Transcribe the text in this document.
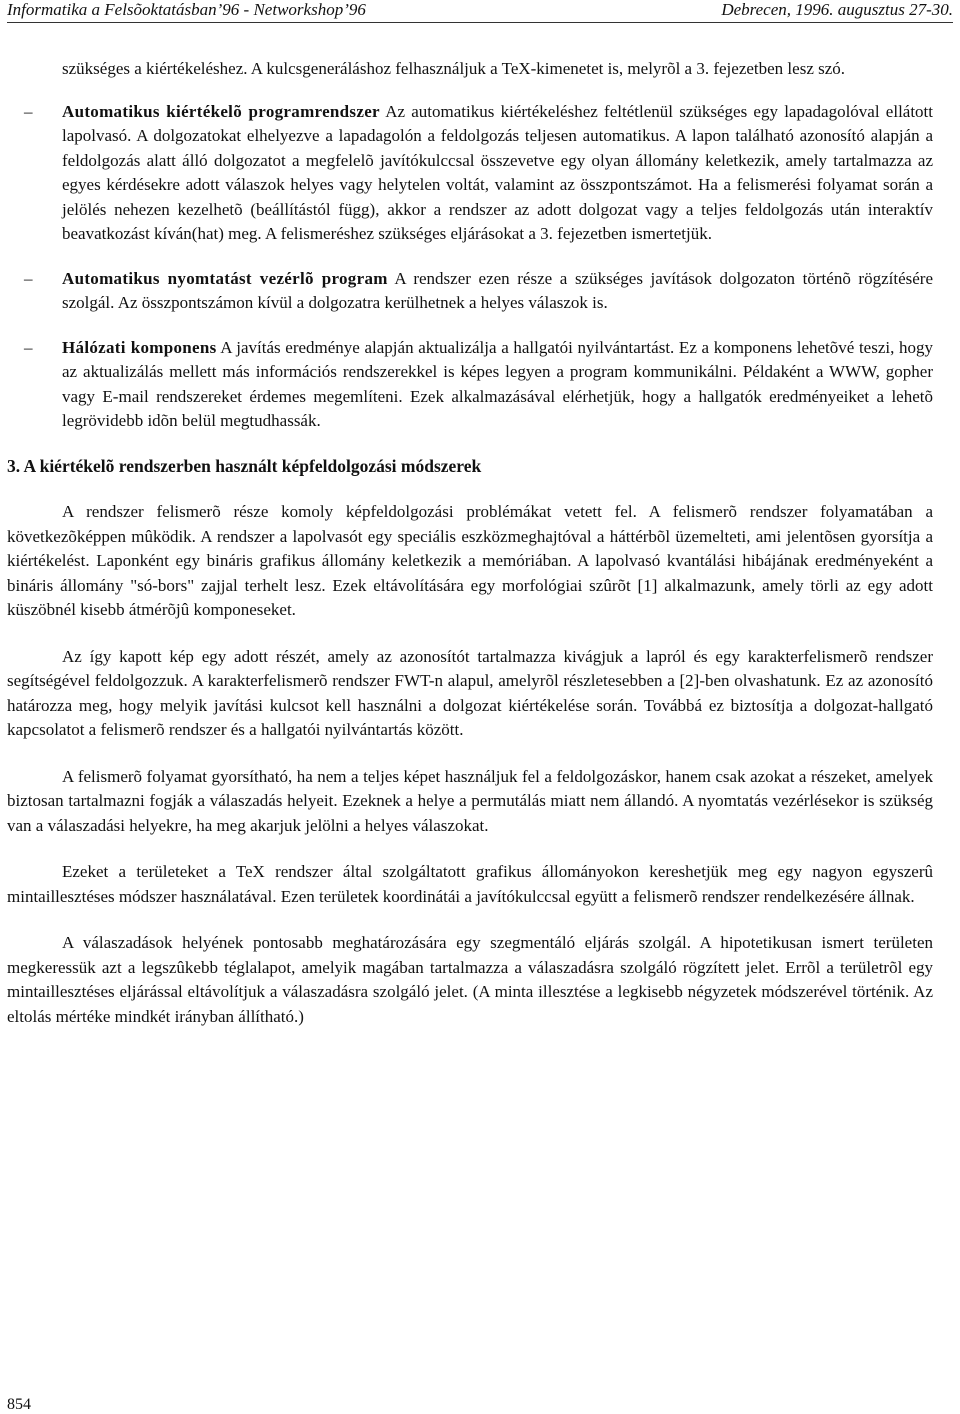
Informatika a Felsõoktatásban’96 - Networkshop’96	Debrecen, 1996. augusztus 27-30.

szükséges a kiértékeléshez. A kulcsgeneráláshoz felhasználjuk a TeX-kimenetet is, melyrõl a 3. fejezetben lesz szó.

– Automatikus kiértékelõ programrendszer Az automatikus kiértékeléshez feltétlenül szükséges egy lapadagolóval ellátott lapolvasó. A dolgozatokat elhelyezve a lapadagolón a feldolgozás teljesen automatikus. A lapon található azonosító alapján a feldolgozás alatt álló dolgozatot a megfelelõ javítókulccsal összevetve egy olyan állomány keletkezik, amely tartalmazza az egyes kérdésekre adott válaszok helyes vagy helytelen voltát, valamint az összpontszámot. Ha a felismerési folyamat során a jelölés nehezen kezelhetõ (beállítástól függ), akkor a rendszer az adott dolgozat vagy a teljes feldolgozás után interaktív beavatkozást kíván(hat) meg. A felismeréshez szükséges eljárásokat a 3. fejezetben ismertetjük.

– Automatikus nyomtatást vezérlõ program A rendszer ezen része a szükséges javítások dolgozaton történõ rögzítésére szolgál. Az összpontszámon kívül a dolgozatra kerülhetnek a helyes válaszok is.

– Hálózati komponens A javítás eredménye alapján aktualizálja a hallgatói nyilvántartást. Ez a komponens lehetõvé teszi, hogy az aktualizálás mellett más információs rendszerekkel is képes legyen a program kommunikálni. Példaként a WWW, gopher vagy E-mail rendszereket érdemes megemlíteni. Ezek alkalmazásával elérhetjük, hogy a hallgatók eredményeiket a lehetõ legrövidebb idõn belül megtudhassák.

3. A kiértékelõ rendszerben használt képfeldolgozási módszerek

A rendszer felismerõ része komoly képfeldolgozási problémákat vetett fel. A felismerõ rendszer folyamatában a következõképpen mûködik. A rendszer a lapolvasót egy speciális eszközmeghajtóval a háttérbõl üzemelteti, ami jelentõsen gyorsítja a kiértékelést. Laponként egy bináris grafikus állomány keletkezik a memóriában. A lapolvasó kvantálási hibájának eredményeként a bináris állomány "só-bors" zajjal terhelt lesz. Ezek eltávolítására egy morfológiai szûrõt [1] alkalmazunk, amely törli az egy adott küszöbnél kisebb átmérõjû komponeseket.

Az így kapott kép egy adott részét, amely az azonosítót tartalmazza kivágjuk a lapról és egy karakterfelismerõ rendszer segítségével feldolgozzuk. A karakterfelismerõ rendszer FWT-n alapul, amelyrõl részletesebben a [2]-ben olvashatunk. Ez az azonosító határozza meg, hogy melyik javítási kulcsot kell használni a dolgozat kiértékelése során. Továbbá ez biztosítja a dolgozat-hallgató kapcsolatot a felismerõ rendszer és a hallgatói nyilvántartás között.

A felismerõ folyamat gyorsítható, ha nem a teljes képet használjuk fel a feldolgozáskor, hanem csak azokat a részeket, amelyek biztosan tartalmazni fogják a válaszadás helyeit. Ezeknek a helye a permutálás miatt nem állandó. A nyomtatás vezérlésekor is szükség van a válaszadási helyekre, ha meg akarjuk jelölni a helyes válaszokat.

Ezeket a területeket a TeX rendszer által szolgáltatott grafikus állományokon kereshetjük meg egy nagyon egyszerû mintaillesztéses módszer használatával. Ezen területek koordinátái a javítókulccsal együtt a felismerõ rendszer rendelkezésére állnak.

A válaszadások helyének pontosabb meghatározására egy szegmentáló eljárás szolgál. A hipotetikusan ismert területen megkeressük azt a legszûkebb téglalapot, amelyik magában tartalmazza a válaszadásra szolgáló rögzített jelet. Errõl a területrõl egy mintaillesztéses eljárással eltávolítjuk a válaszadásra szolgáló jelet. (A minta illesztése a legkisebb négyzetek módszerével történik. Az eltolás mértéke mindkét irányban állítható.)

854
